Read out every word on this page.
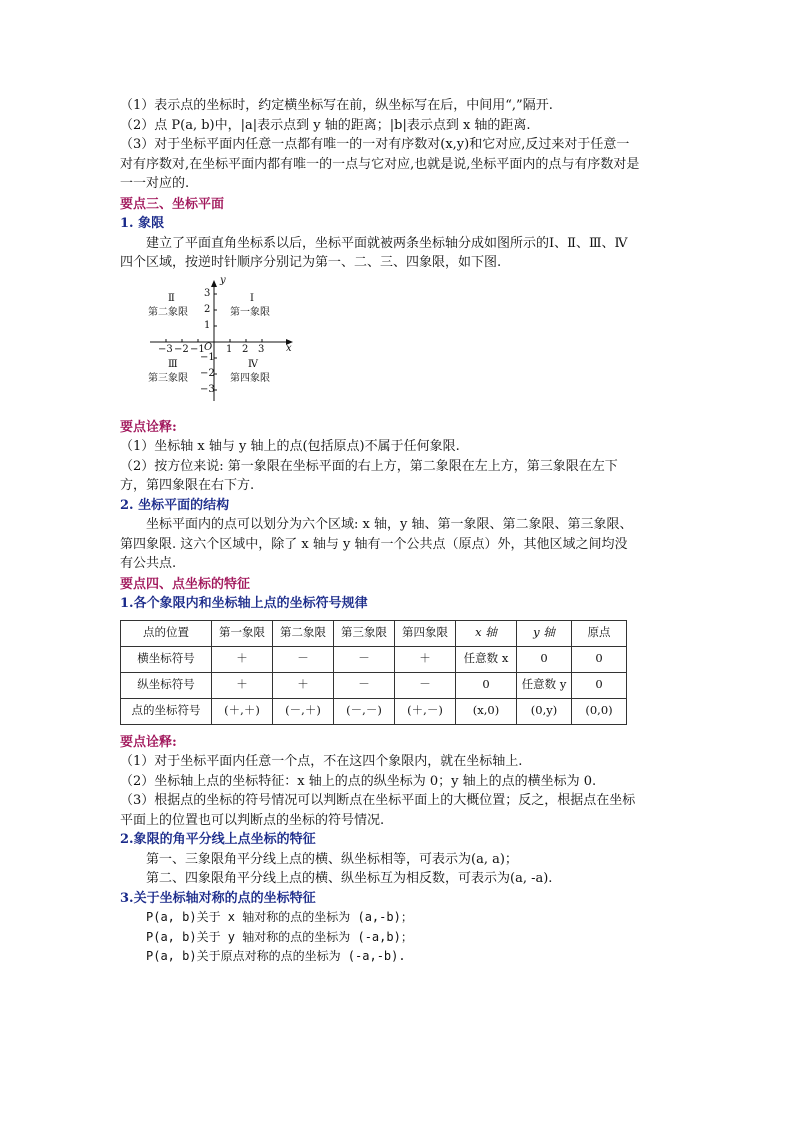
（1）表示点的坐标时，约定横坐标写在前，纵坐标写在后，中间用“,”隔开.

（2）点 P(a, b)中，|a|表示点到 y 轴的距离；|b|表示点到 x 轴的距离.

（3）对于坐标平面内任意一点都有唯一的一对有序数对(x,y)和它对应,反过来对于任意一对有序数对,在坐标平面内都有唯一的一点与它对应,也就是说,坐标平面内的点与有序数对是一一对应的.

要点三、坐标平面

1. 象限

建立了平面直角坐标系以后，坐标平面就被两条坐标轴分成如图所示的Ⅰ、Ⅱ、Ⅲ、Ⅳ四个区域，按逆时针顺序分别记为第一、二、三、四象限，如下图.

y
x
O 1 2 3
−3 −2 −1
3
2
1
−1
−2
−3
Ⅱ
第二象限
Ⅰ
第一象限
Ⅲ
第三象限
Ⅳ
第四象限

要点诠释:

（1）坐标轴 x 轴与 y 轴上的点(包括原点)不属于任何象限.

（2）按方位来说: 第一象限在坐标平面的右上方，第二象限在左上方，第三象限在左下方，第四象限在右下方.

2. 坐标平面的结构

坐标平面内的点可以划分为六个区域: x 轴，y 轴、第一象限、第二象限、第三象限、第四象限. 这六个区域中，除了 x 轴与 y 轴有一个公共点（原点）外，其他区域之间均没有公共点.

要点四、点坐标的特征

1.各个象限内和坐标轴上点的坐标符号规律

点的位置	第一象限	第二象限	第三象限	第四象限	x 轴	y 轴	原点
横坐标符号	＋	－	－	＋	任意数 x	0	0
纵坐标符号	＋	＋	－	－	0	任意数 y	0
点的坐标符号	(＋,＋)	(－,＋)	(－,－)	(＋,－)	(x,0)	(0,y)	(0,0)

要点诠释:

（1）对于坐标平面内任意一个点，不在这四个象限内，就在坐标轴上.

（2）坐标轴上点的坐标特征：x 轴上的点的纵坐标为 0；y 轴上的点的横坐标为 0.

（3）根据点的坐标的符号情况可以判断点在坐标平面上的大概位置；反之，根据点在坐标平面上的位置也可以判断点的坐标的符号情况.

2.象限的角平分线上点坐标的特征

第一、三象限角平分线上点的横、纵坐标相等，可表示为(a, a)；

第二、四象限角平分线上点的横、纵坐标互为相反数，可表示为(a, -a).

3.关于坐标轴对称的点的坐标特征

P(a, b)关于 x 轴对称的点的坐标为 (a,-b)；

P(a, b)关于 y 轴对称的点的坐标为 (-a,b)；

P(a, b)关于原点对称的点的坐标为 (-a,-b).
